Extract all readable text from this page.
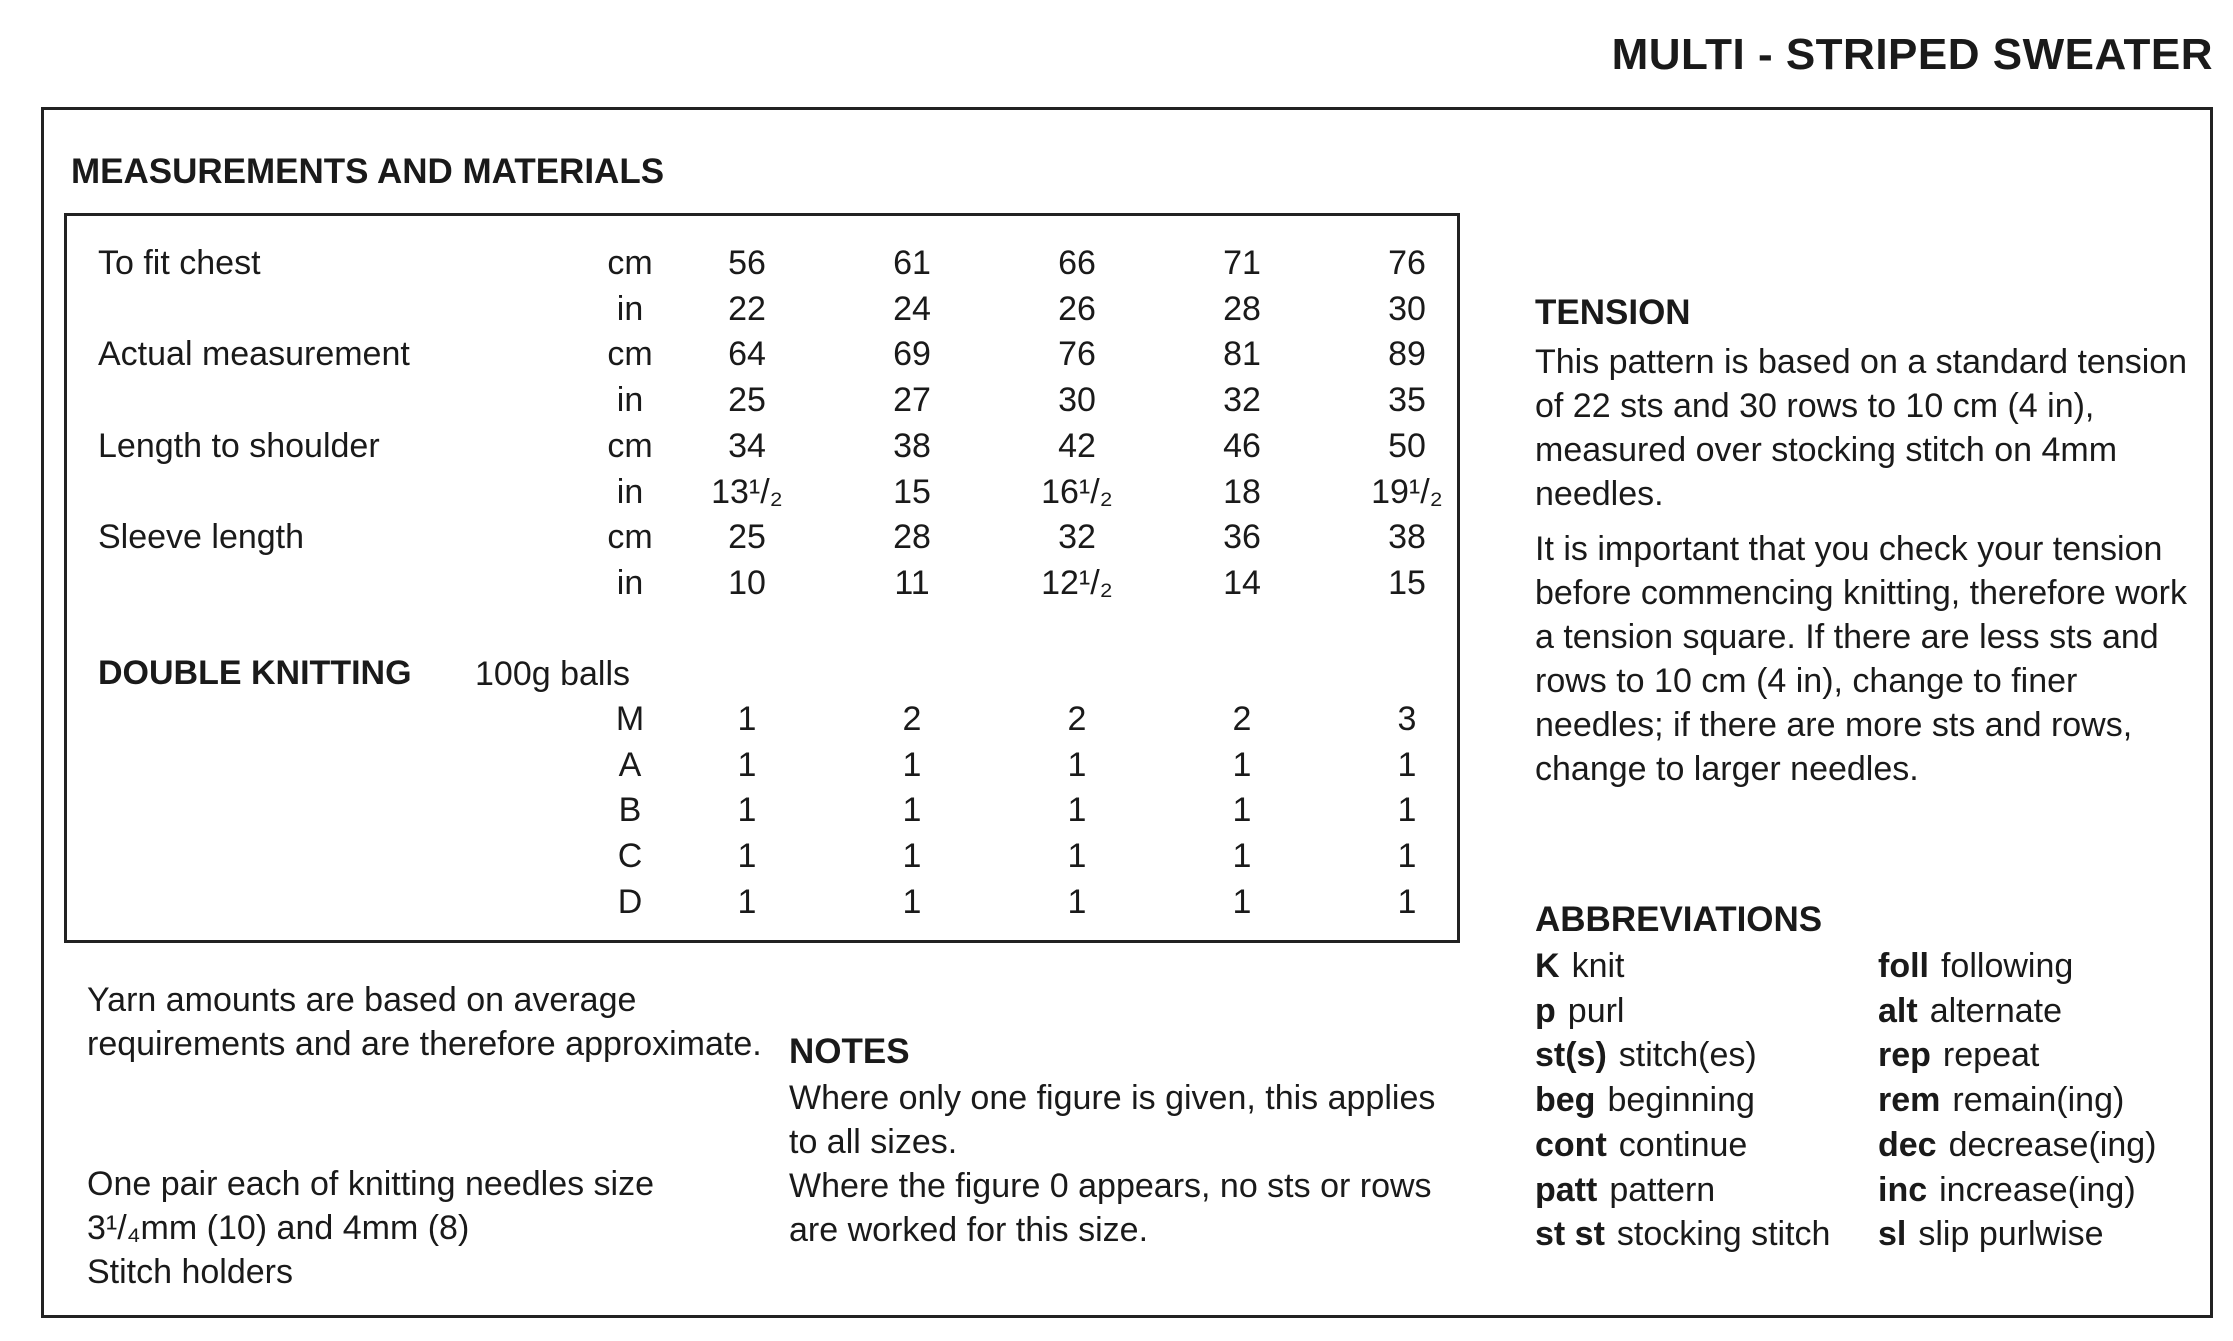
MULTI - STRIPED SWEATER
MEASUREMENTS AND MATERIALS
To fit chest	cm	56	61	66	71	76
in	22	24	26	28	30
Actual measurement	cm	64	69	76	81	89
in	25	27	30	32	35
Length to shoulder	cm	34	38	42	46	50
in	13¹/₂	15	16¹/₂	18	19¹/₂
Sleeve length	cm	25	28	32	36	38
in	10	11	12¹/₂	14	15
M	1	2	2	2	3
A	1	1	1	1	1
B	1	1	1	1	1
C	1	1	1	1	1
D	1	1	1	1	1
DOUBLE KNITTING 100g balls
Yarn amounts are based on average requirements and are therefore approximate.
One pair each of knitting needles size
3¹/₄mm (10) and 4mm (8)
Stitch holders
NOTES
Where only one figure is given, this applies to all sizes.
Where the figure 0 appears, no sts or rows are worked for this size.
TENSION
This pattern is based on a standard tension of 22 sts and 30 rows to 10 cm (4 in), measured over stocking stitch on 4mm needles.
It is important that you check your tension before commencing knitting, therefore work a tension square. If there are less sts and rows to 10 cm (4 in), change to finer needles; if there are more sts and rows, change to larger needles.
ABBREVIATIONS
K knit
p purl
st(s) stitch(es)
beg beginning
cont continue
patt pattern
st st stocking stitch
foll following
alt alternate
rep repeat
rem remain(ing)
dec decrease(ing)
inc increase(ing)
sl slip purlwise
